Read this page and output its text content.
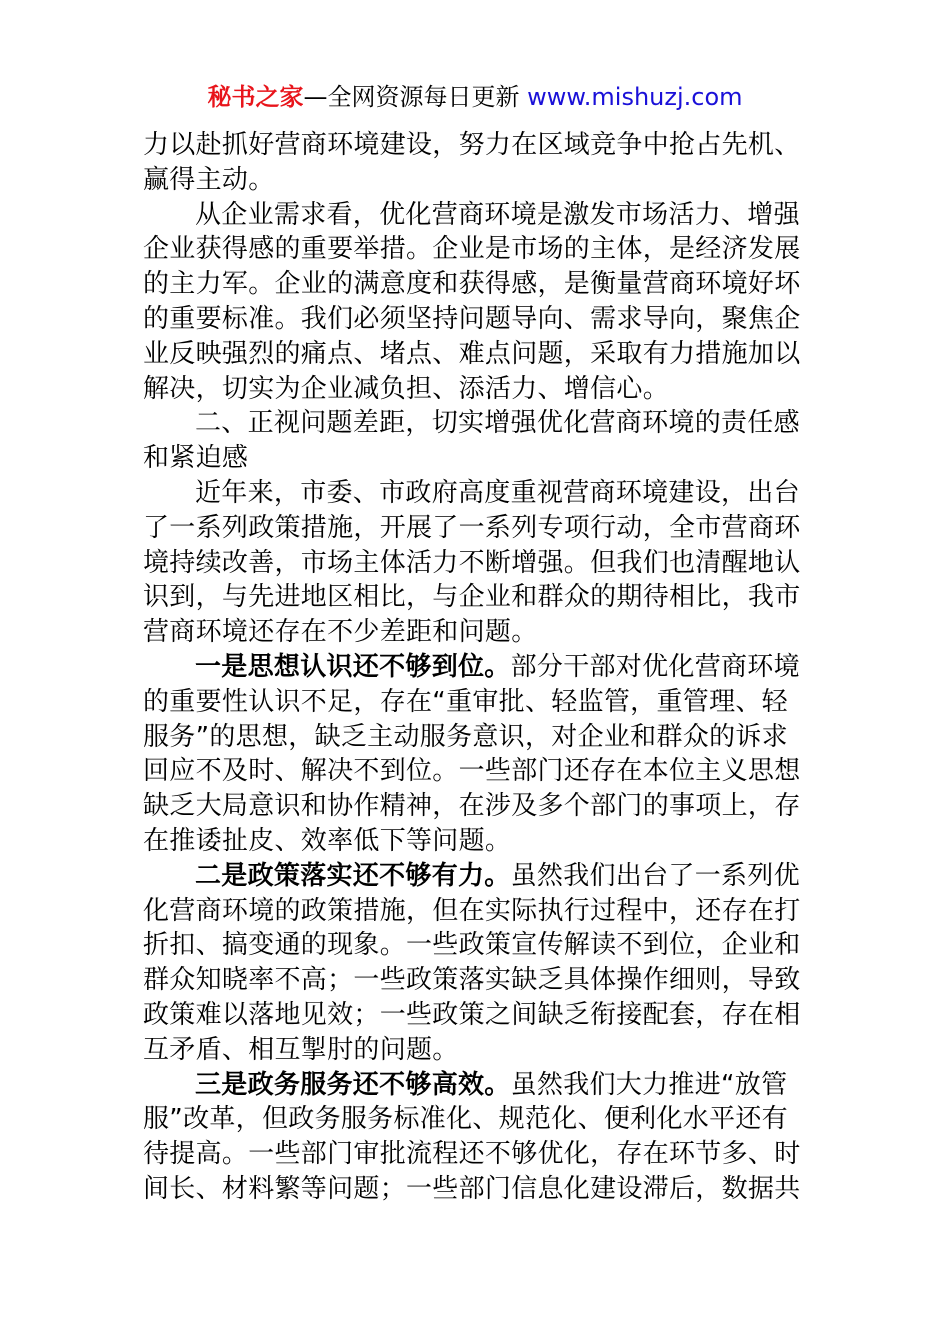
秘书之家—全网资源每日更新 www.mishuzj.com
力以赴抓好营商环境建设，努力在区域竞争中抢占先机、
赢得主动。
从企业需求看，优化营商环境是激发市场活力、增强
企业获得感的重要举措。企业是市场的主体，是经济发展
的主力军。企业的满意度和获得感，是衡量营商环境好坏
的重要标准。我们必须坚持问题导向、需求导向，聚焦企
业反映强烈的痛点、堵点、难点问题，采取有力措施加以
解决，切实为企业减负担、添活力、增信心。
二、正视问题差距，切实增强优化营商环境的责任感
和紧迫感
近年来，市委、市政府高度重视营商环境建设，出台
了一系列政策措施，开展了一系列专项行动，全市营商环
境持续改善，市场主体活力不断增强。但我们也清醒地认
识到，与先进地区相比，与企业和群众的期待相比，我市
营商环境还存在不少差距和问题。
一是思想认识还不够到位。部分干部对优化营商环境
的重要性认识不足，存在“重审批、轻监管，重管理、轻
服务”的思想，缺乏主动服务意识，对企业和群众的诉求
回应不及时、解决不到位。一些部门还存在本位主义思想
缺乏大局意识和协作精神，在涉及多个部门的事项上，存
在推诿扯皮、效率低下等问题。
二是政策落实还不够有力。虽然我们出台了一系列优
化营商环境的政策措施，但在实际执行过程中，还存在打
折扣、搞变通的现象。一些政策宣传解读不到位，企业和
群众知晓率不高；一些政策落实缺乏具体操作细则，导致
政策难以落地见效；一些政策之间缺乏衔接配套，存在相
互矛盾、相互掣肘的问题。
三是政务服务还不够高效。虽然我们大力推进“放管
服”改革，但政务服务标准化、规范化、便利化水平还有
待提高。一些部门审批流程还不够优化，存在环节多、时
间长、材料繁等问题；一些部门信息化建设滞后，数据共
